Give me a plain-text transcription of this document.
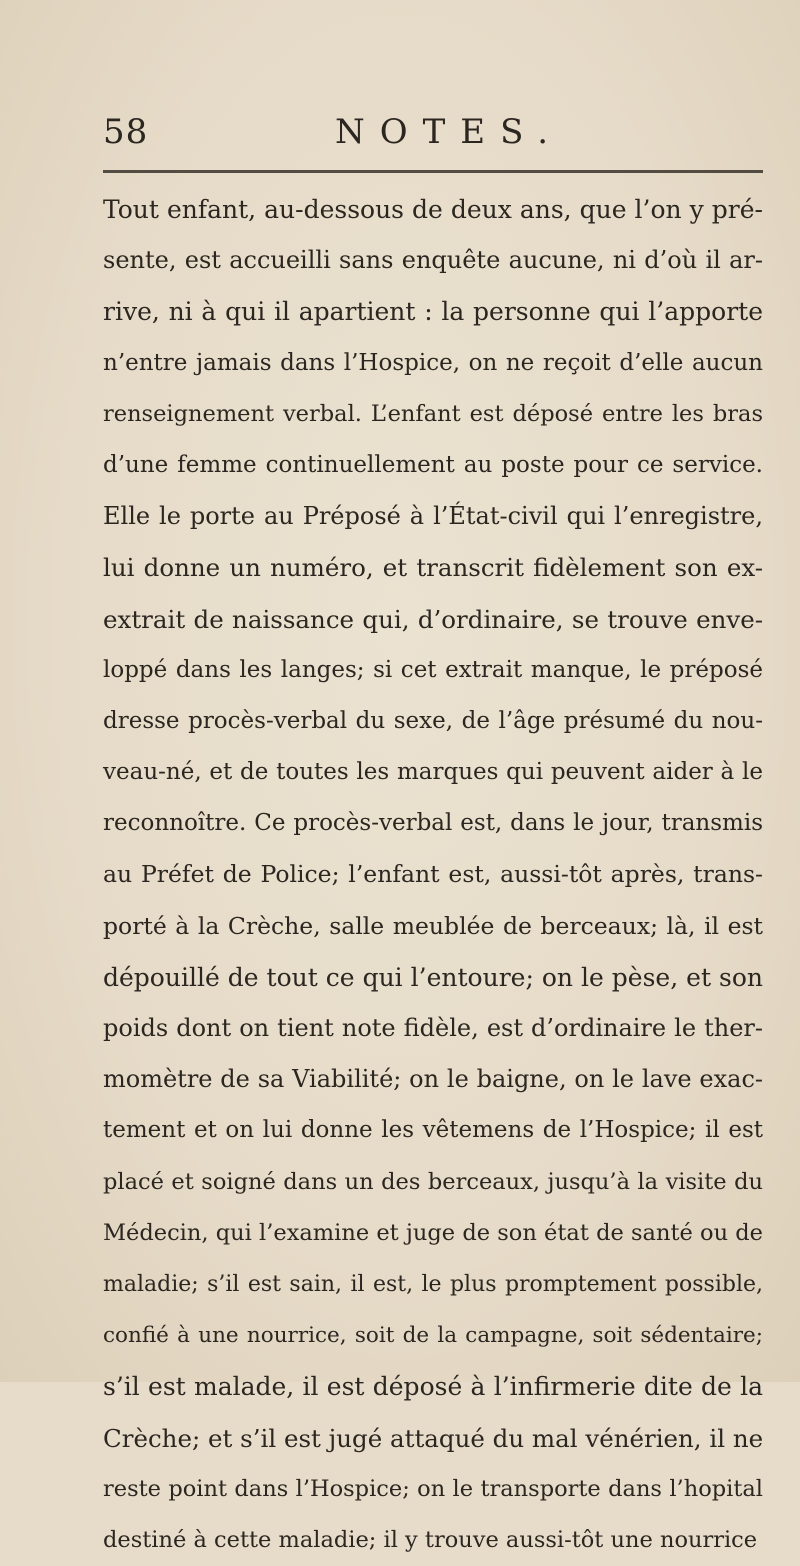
58	NOTES.
Tout enfant, au-dessous de deux ans, que l’on y pré-
sente, est accueilli sans enquête aucune, ni d’où il ar-
rive, ni à qui il apartient : la personne qui l’apporte
n’entre jamais dans l’Hospice, on ne reçoit d’elle aucun
renseignement verbal. L’enfant est déposé entre les bras
d’une femme continuellement au poste pour ce service.
Elle le porte au Préposé à l’État-civil qui l’enregistre,
lui donne un numéro, et transcrit fidèlement son ex-
extrait de naissance qui, d’ordinaire, se trouve enve-
loppé dans les langes; si cet extrait manque, le préposé
dresse procès-verbal du sexe, de l’âge présumé du nou-
veau-né, et de toutes les marques qui peuvent aider à le
reconnoître. Ce procès-verbal est, dans le jour, transmis
au Préfet de Police; l’enfant est, aussi-tôt après, trans-
porté à la Crèche, salle meublée de berceaux; là, il est
dépouillé de tout ce qui l’entoure; on le pèse, et son
poids dont on tient note fidèle, est d’ordinaire le ther-
momètre de sa Viabilité; on le baigne, on le lave exac-
tement et on lui donne les vêtemens de l’Hospice; il est
placé et soigné dans un des berceaux, jusqu’à la visite du
Médecin, qui l’examine et juge de son état de santé ou de
maladie; s’il est sain, il est, le plus promptement possible,
confié à une nourrice, soit de la campagne, soit sédentaire;
s’il est malade, il est déposé à l’infirmerie dite de la
Crèche; et s’il est jugé attaqué du mal vénérien, il ne
reste point dans l’Hospice; on le transporte dans l’hopital
destiné à cette maladie; il y trouve aussi-tôt une nourrice
